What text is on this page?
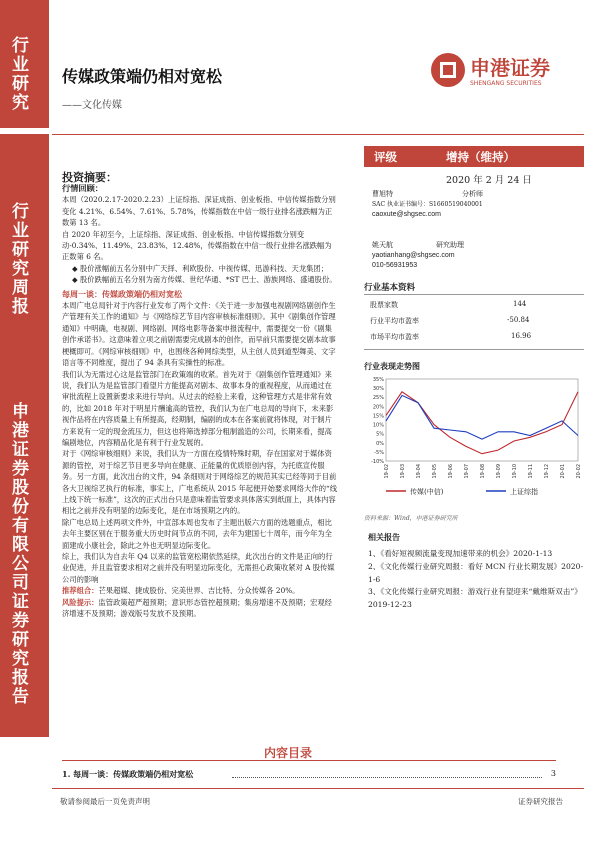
行业研究
行业研究周报
申港证券股份有限公司证券研究报告
传媒政策端仍相对宽松
——文化传媒
申港证券
SHENGANG SECURITIES
投资摘要：

行情回顾：

本周（2020.2.17-2020.2.23）上证综指、深证成指、创业板指、中信传媒指数分别变化 4.21%、6.54%、7.61%、5.78%，传媒指数在中信一级行业排名涨跌幅为正数第 13 名。

自 2020 年初至今，上证综指、深证成指、创业板指、中信传媒指数分别变动-0.34%、11.49%、23.83%、12.48%，传媒指数在中信一级行业排名涨跌幅为正数第 6 名。

◆ 股价涨幅前五名分别中广天择、利欧股份、中视传媒、迅游科技、天龙集团；

◆ 股价跌幅前五名分别为南方传媒、世纪华通、*ST 巴士、游族网络、盛通股份。

每周一谈：传媒政策端仍相对宽松

本周广电总局针对于内容行业发布了两个文件：《关于进一步加强电视剧网络剧创作生产管理有关工作的通知》与《网络综艺节目内容审核标准细则》。其中《剧集创作管理通知》中明确，电视剧、网络剧、网络电影等备案申报流程中，需要提交一份《剧集创作承诺书》。这意味着立项之前剧需要完成剧本的创作，而早前只需要提交剧本故事梗概即可。《网综审核细则》中，也围绕各种网综类型，从主创人员到道型舞美、文字语言等不同维度，提出了 94 条具有实操性的标准。

我们认为无需过心这是监管部门在政策端的收紧。首先对于《剧集创作管理通知》来说，我们认为是监管部门看望片方能提高对剧本、故事本身的重视程度，从而通过在审批流程上设置新要求来进行导向。从过去的经验上来看，这种管理方式是非常有效的，比如 2018 年对于明星片酬逾高的管控，我们认为在广电总局的导向下，未来影视作品将在内容质量上有所提高，经期制，编剧的成本在各案前就将体现，对于制片方来说有一定的现金流压力，但这也将筛选掉部分粗制滥造的公司，长期来看，提高编剧地位，内容精品化是有利于行业发展的。

对于《网综审核细则》来说，我们认为一方面在疫情特殊时期，存在国家对于媒体资源的管控，对于综艺节目更多导向在健康、正能量的优质原创内容，为托底宣传服务。另一方面，此次出台的文件，94 条细则对于网络综艺的规范其实已经等同于目前各大卫视综艺执行的标准，事实上，广电系统从 2015 年起便开始要求网络大作的“线上线下统一标准”，这次的正式出台只是意味着监管要求具体落实到纸面上，具体内容相比之前并没有明显的边际变化，是在市场预期之内的。

除广电总局上述两项文件外，中宣部本周也发布了主题出版六方面的选题重点，相比去年主要区别在于服务重大历史时间节点的不同，去年为建国七十周年，而今年为全面建成小康社会，除此之外也无明显边际变化。

综上，我们认为自去年 Q4 以来的监管宽松期依然延续，此次出台的文件是正向的行业促进，并且监管要求相对之前并没有明显边际变化，无需担心政策收紧对 A 股传媒公司的影响

推荐组合：芒果超媒、捷成股份、完美世界、吉比特、分众传媒各 20%。

风险提示：监管政策超严超预期；意识形态管控超预期；集房增速不及预期；宏观经济增速不及预期；游戏版号发放不及预期。

评级	增持（维持）
2020 年 2 月 24 日
曹旭特	分析师
SAC 执业证书编号：S1660519040001
caoxute@shgsec.com
姚天航	研究助理
yaotianhang@shgsec.com
010-56931953
行业基本资料
股票家数	144
行业平均市盈率	-50.84
市场平均市盈率	16.96
行业表现走势图
-10%
-5%
0%
5%
10%
15%
20%
25%
30%
35%
19-02 19-03 19-04 19-05 19-06 19-07 19-08 19-09 19-10 19-11 19-12 20-01 20-02
传媒(中信)	上证综指
资料来源：Wind，申港证券研究所
相关报告
1、《看好短视频流量变现加速带来的机会》2020-1-13
2、《文化传媒行业研究周报：看好 MCN 行业长期发展》2020-1-6
3、《文化传媒行业研究周报：游戏行业有望迎来“戴维斯双击”》2019-12-23
内容目录
1. 每周一谈：传媒政策端仍相对宽松	3
敬请参阅最后一页免责声明	证券研究报告
